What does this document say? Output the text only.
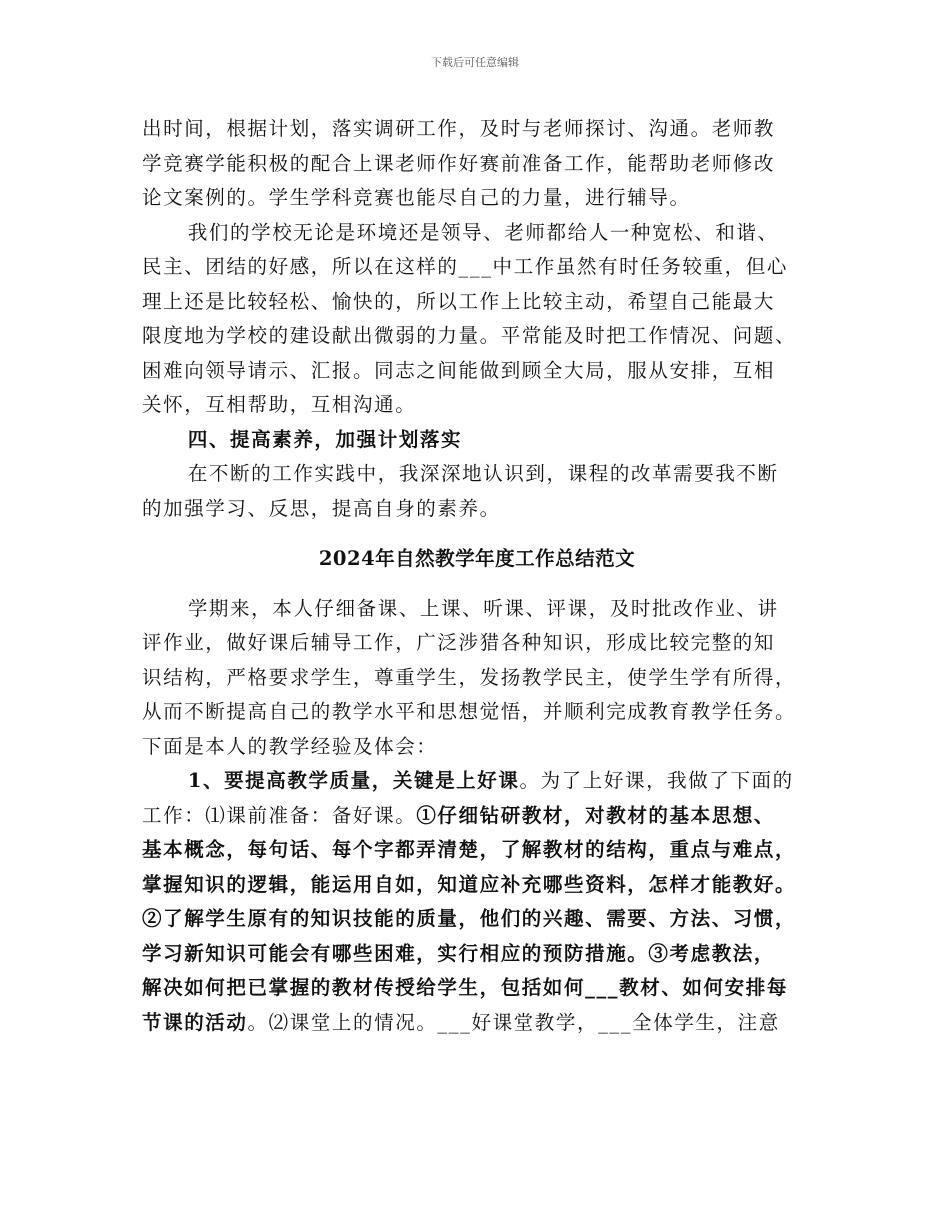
下载后可任意编辑

出时间，根据计划，落实调研工作，及时与老师探讨、沟通。老师教
学竞赛学能积极的配合上课老师作好赛前准备工作，能帮助老师修改
论文案例的。学生学科竞赛也能尽自己的力量，进行辅导。

我们的学校无论是环境还是领导、老师都给人一种宽松、和谐、
民主、团结的好感，所以在这样的___中工作虽然有时任务较重，但心
理上还是比较轻松、愉快的，所以工作上比较主动，希望自己能最大
限度地为学校的建设献出微弱的力量。平常能及时把工作情况、问题、
困难向领导请示、汇报。同志之间能做到顾全大局，服从安排，互相
关怀，互相帮助，互相沟通。

四、提高素养，加强计划落实

在不断的工作实践中，我深深地认识到，课程的改革需要我不断
的加强学习、反思，提高自身的素养。

2024年自然教学年度工作总结范文

学期来，本人仔细备课、上课、听课、评课，及时批改作业、讲
评作业，做好课后辅导工作，广泛涉猎各种知识，形成比较完整的知
识结构，严格要求学生，尊重学生，发扬教学民主，使学生学有所得，
从而不断提高自己的教学水平和思想觉悟，并顺利完成教育教学任务。
下面是本人的教学经验及体会：

1、要提高教学质量，关键是上好课。为了上好课，我做了下面的
工作：⑴课前准备：备好课。①仔细钻研教材，对教材的基本思想、
基本概念，每句话、每个字都弄清楚，了解教材的结构，重点与难点，
掌握知识的逻辑，能运用自如，知道应补充哪些资料，怎样才能教好。
②了解学生原有的知识技能的质量，他们的兴趣、需要、方法、习惯，
学习新知识可能会有哪些困难，实行相应的预防措施。③考虑教法，
解决如何把已掌握的教材传授给学生，包括如何___教材、如何安排每
节课的活动。⑵课堂上的情况。___好课堂教学，___全体学生，注意
